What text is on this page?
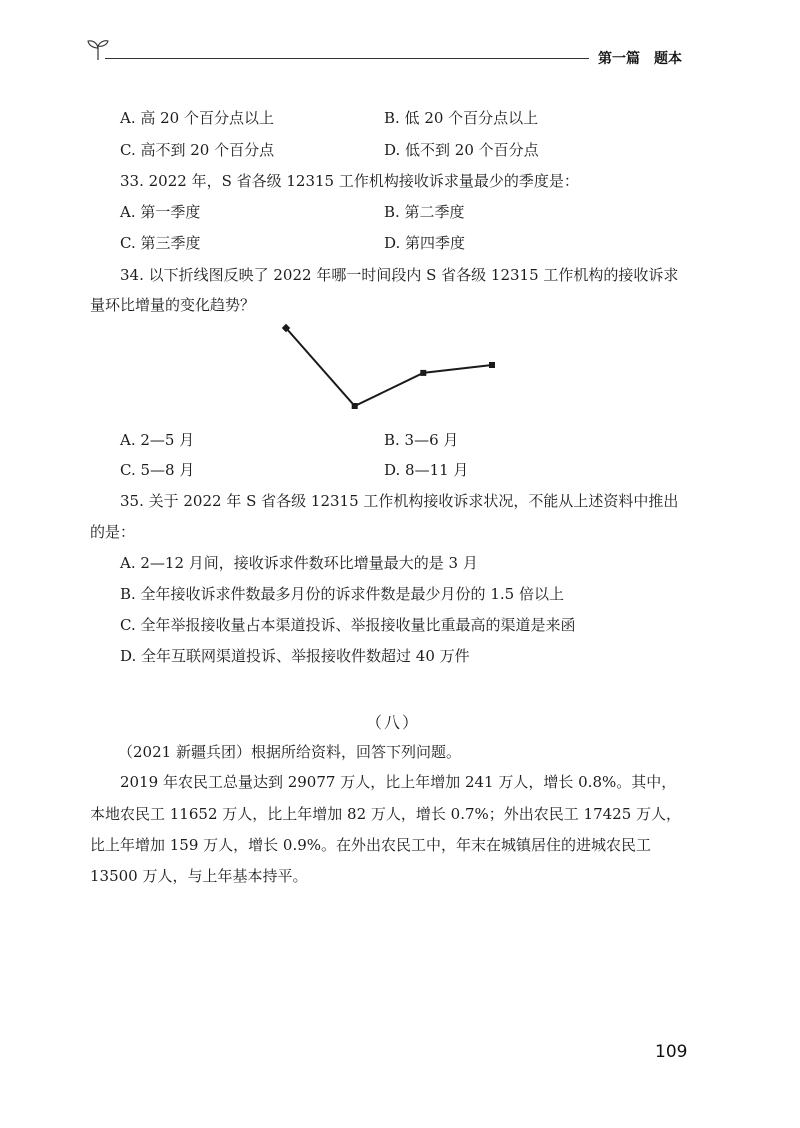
第一篇　题本
A. 高 20 个百分点以上	B. 低 20 个百分点以上
C. 高不到 20 个百分点	D. 低不到 20 个百分点
33. 2022 年，S 省各级 12315 工作机构接收诉求量最少的季度是：
A. 第一季度	B. 第二季度
C. 第三季度	D. 第四季度
34. 以下折线图反映了 2022 年哪一时间段内 S 省各级 12315 工作机构的接收诉求
量环比增量的变化趋势？
A. 2—5 月	B. 3—6 月
C. 5—8 月	D. 8—11 月
35. 关于 2022 年 S 省各级 12315 工作机构接收诉求状况，不能从上述资料中推出
的是：
A. 2—12 月间，接收诉求件数环比增量最大的是 3 月
B. 全年接收诉求件数最多月份的诉求件数是最少月份的 1.5 倍以上
C. 全年举报接收量占本渠道投诉、举报接收量比重最高的渠道是来函
D. 全年互联网渠道投诉、举报接收件数超过 40 万件
（八）
（2021 新疆兵团）根据所给资料，回答下列问题。
2019 年农民工总量达到 29077 万人，比上年增加 241 万人，增长 0.8%。其中，
本地农民工 11652 万人，比上年增加 82 万人，增长 0.7%；外出农民工 17425 万人，
比上年增加 159 万人，增长 0.9%。在外出农民工中，年末在城镇居住的进城农民工
13500 万人，与上年基本持平。
109
